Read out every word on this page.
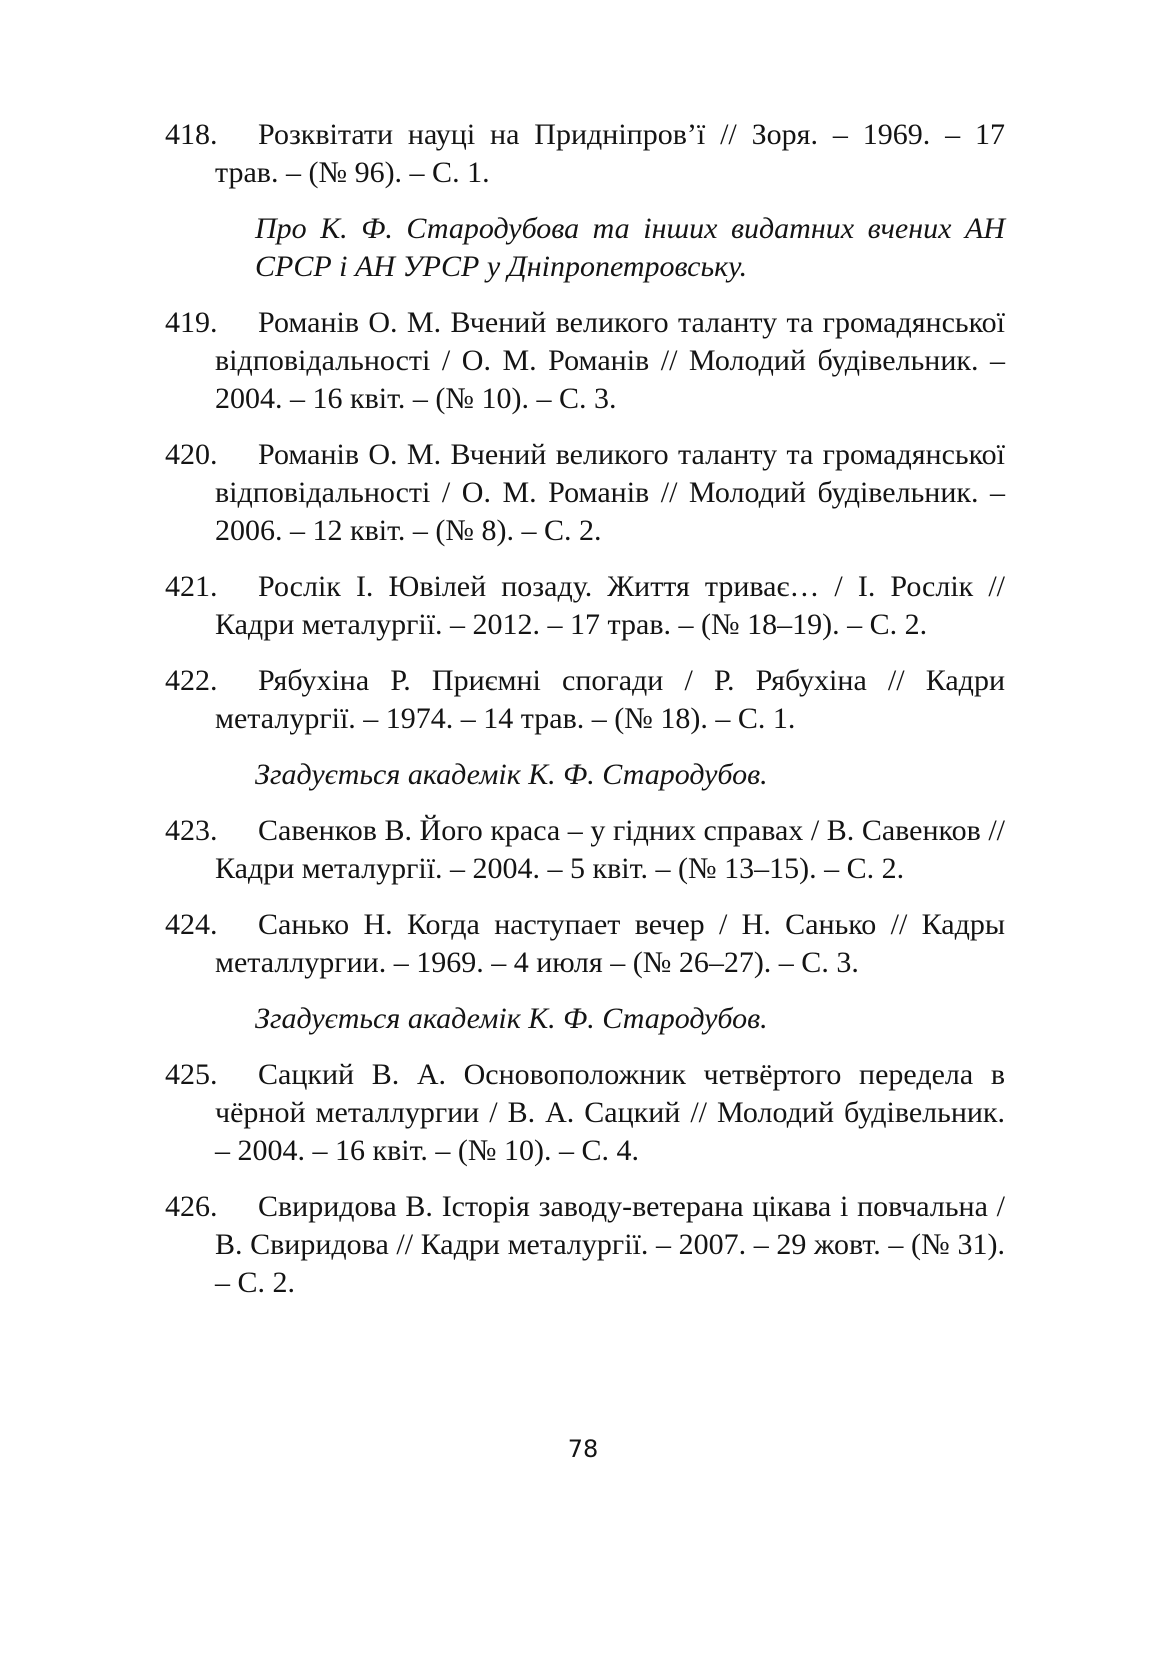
418. Розквітати науці на Придніпров’ї // Зоря. – 1969. – 17 трав. – (№ 96). – С. 1.

Про К. Ф. Стародубова та інших видатних вчених АН СРСР і АН УРСР у Дніпропетровську.

419. Романів О. М. Вчений великого таланту та громадянської відповідальності / О. М. Романів // Молодий будівельник. – 2004. – 16 квіт. – (№ 10). – С. 3.

420. Романів О. М. Вчений великого таланту та громадянської відповідальності / О. М. Романів // Молодий будівельник. – 2006. – 12 квіт. – (№ 8). – С. 2.

421. Рослік І. Ювілей позаду. Життя триває… / І. Рослік // Кадри металургії. – 2012. – 17 трав. – (№ 18–19). – С. 2.

422. Рябухіна Р. Приємні спогади / Р. Рябухіна // Кадри металургії. – 1974. – 14 трав. – (№ 18). – С. 1.

Згадується академік К. Ф. Стародубов.

423. Савенков В. Його краса – у гідних справах / В. Савенков // Кадри металургії. – 2004. – 5 квіт. – (№ 13–15). – С. 2.

424. Санько Н. Когда наступает вечер / Н. Санько // Кадры металлургии. – 1969. – 4 июля – (№ 26–27). – С. 3.

Згадується академік К. Ф. Стародубов.

425. Сацкий В. А. Основоположник четвёртого передела в чёрной металлургии / В. А. Сацкий // Молодий будівельник. – 2004. – 16 квіт. – (№ 10). – С. 4.

426. Свиридова В. Історія заводу-ветерана цікава і повчальна / В. Свиридова // Кадри металургії. – 2007. – 29 жовт. – (№ 31). – С. 2.

78
